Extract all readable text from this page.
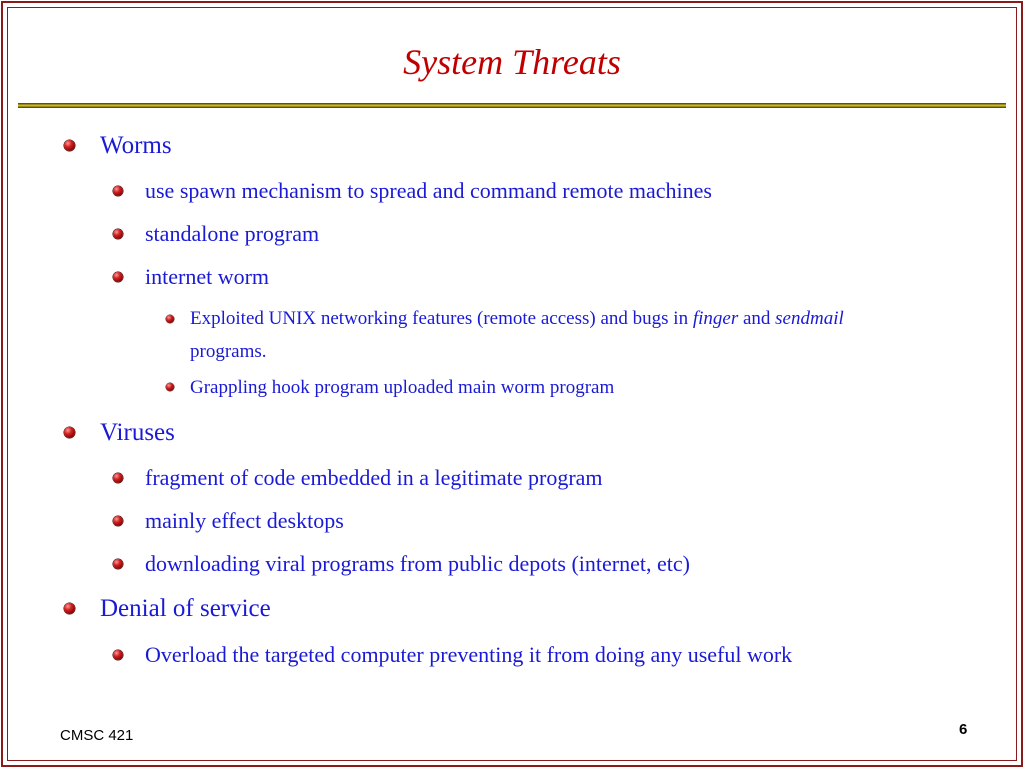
System Threats
Worms
use spawn mechanism to spread and command remote machines
standalone program
internet worm
Exploited UNIX networking features (remote access) and bugs in finger and sendmail
programs.
Grappling hook program uploaded main worm program
Viruses
fragment of code embedded in a legitimate program
mainly effect desktops
downloading viral programs from public depots (internet, etc)
Denial of service
Overload the targeted computer preventing it from doing any useful work
CMSC 421	6
